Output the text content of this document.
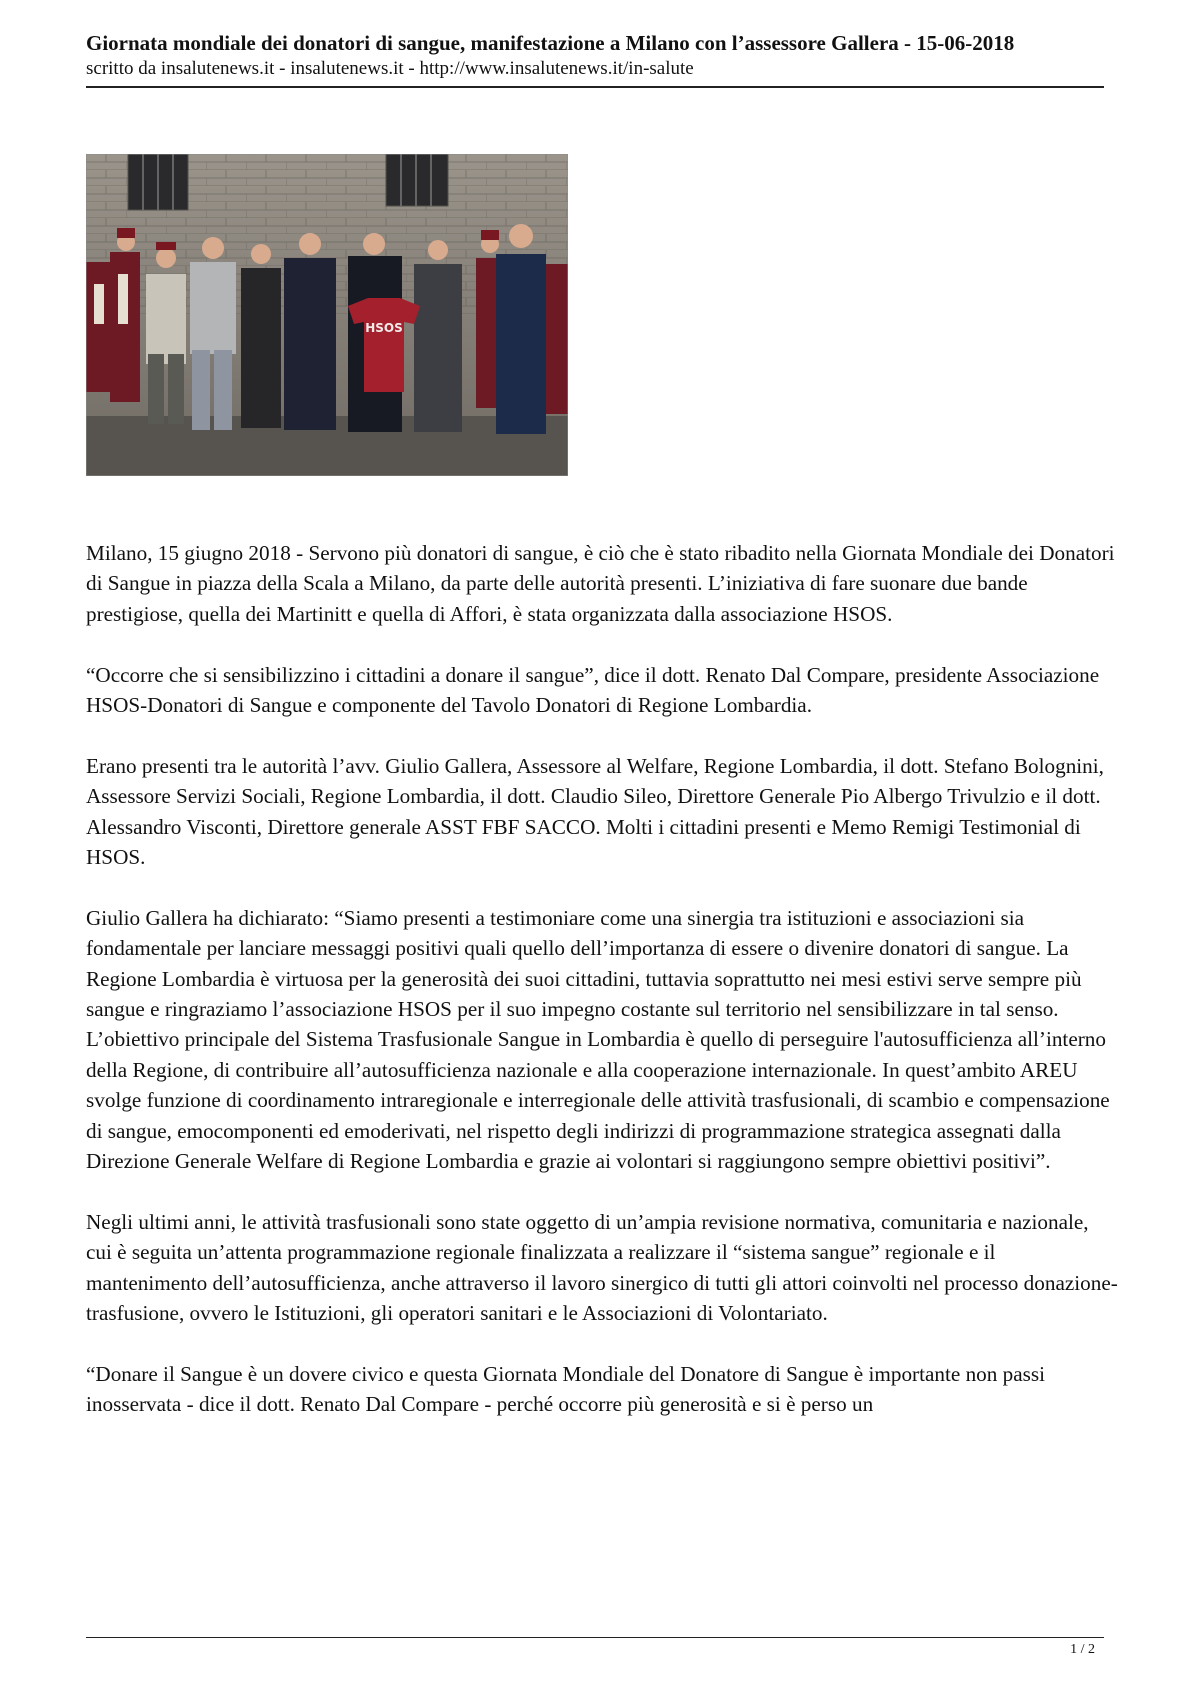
Giornata mondiale dei donatori di sangue, manifestazione a Milano con l’assessore Gallera - 15-06-2018
scritto da insalutenews.it - insalutenews.it - http://www.insalutenews.it/in-salute
HSOS

Milano, 15 giugno 2018 - Servono più donatori di sangue, è ciò che è stato ribadito nella Giornata Mondiale dei Donatori di Sangue in piazza della Scala a Milano, da parte delle autorità presenti. L’iniziativa di fare suonare due bande prestigiose, quella dei Martinitt e quella di Affori, è stata organizzata dalla associazione HSOS.

“Occorre che si sensibilizzino i cittadini a donare il sangue”, dice il dott. Renato Dal Compare, presidente Associazione HSOS-Donatori di Sangue e componente del Tavolo Donatori di Regione Lombardia.

Erano presenti tra le autorità l’avv. Giulio Gallera, Assessore al Welfare, Regione Lombardia, il dott. Stefano Bolognini, Assessore Servizi Sociali, Regione Lombardia, il dott. Claudio Sileo, Direttore Generale Pio Albergo Trivulzio e il dott. Alessandro Visconti, Direttore generale ASST FBF SACCO. Molti i cittadini presenti e Memo Remigi Testimonial di HSOS.

Giulio Gallera ha dichiarato: “Siamo presenti a testimoniare come una sinergia tra istituzioni e associazioni sia fondamentale per lanciare messaggi positivi quali quello dell’importanza di essere o divenire donatori di sangue. La Regione Lombardia è virtuosa per la generosità dei suoi cittadini, tuttavia soprattutto nei mesi estivi serve sempre più sangue e ringraziamo l’associazione HSOS per il suo impegno costante sul territorio nel sensibilizzare in tal senso. L’obiettivo principale del Sistema Trasfusionale Sangue in Lombardia è quello di perseguire l'autosufficienza all’interno della Regione, di contribuire all’autosufficienza nazionale e alla cooperazione internazionale. In quest’ambito AREU svolge funzione di coordinamento intraregionale e interregionale delle attività trasfusionali, di scambio e compensazione di sangue, emocomponenti ed emoderivati, nel rispetto degli indirizzi di programmazione strategica assegnati dalla Direzione Generale Welfare di Regione Lombardia e grazie ai volontari si raggiungono sempre obiettivi positivi”.

Negli ultimi anni, le attività trasfusionali sono state oggetto di un’ampia revisione normativa, comunitaria e nazionale, cui è seguita un’attenta programmazione regionale finalizzata a realizzare il “sistema sangue” regionale e il mantenimento dell’autosufficienza, anche attraverso il lavoro sinergico di tutti gli attori coinvolti nel processo donazione-trasfusione, ovvero le Istituzioni, gli operatori sanitari e le Associazioni di Volontariato.

“Donare il Sangue è un dovere civico e questa Giornata Mondiale del Donatore di Sangue è importante non passi inosservata - dice il dott. Renato Dal Compare - perché occorre più generosità e si è perso un

1 / 2
